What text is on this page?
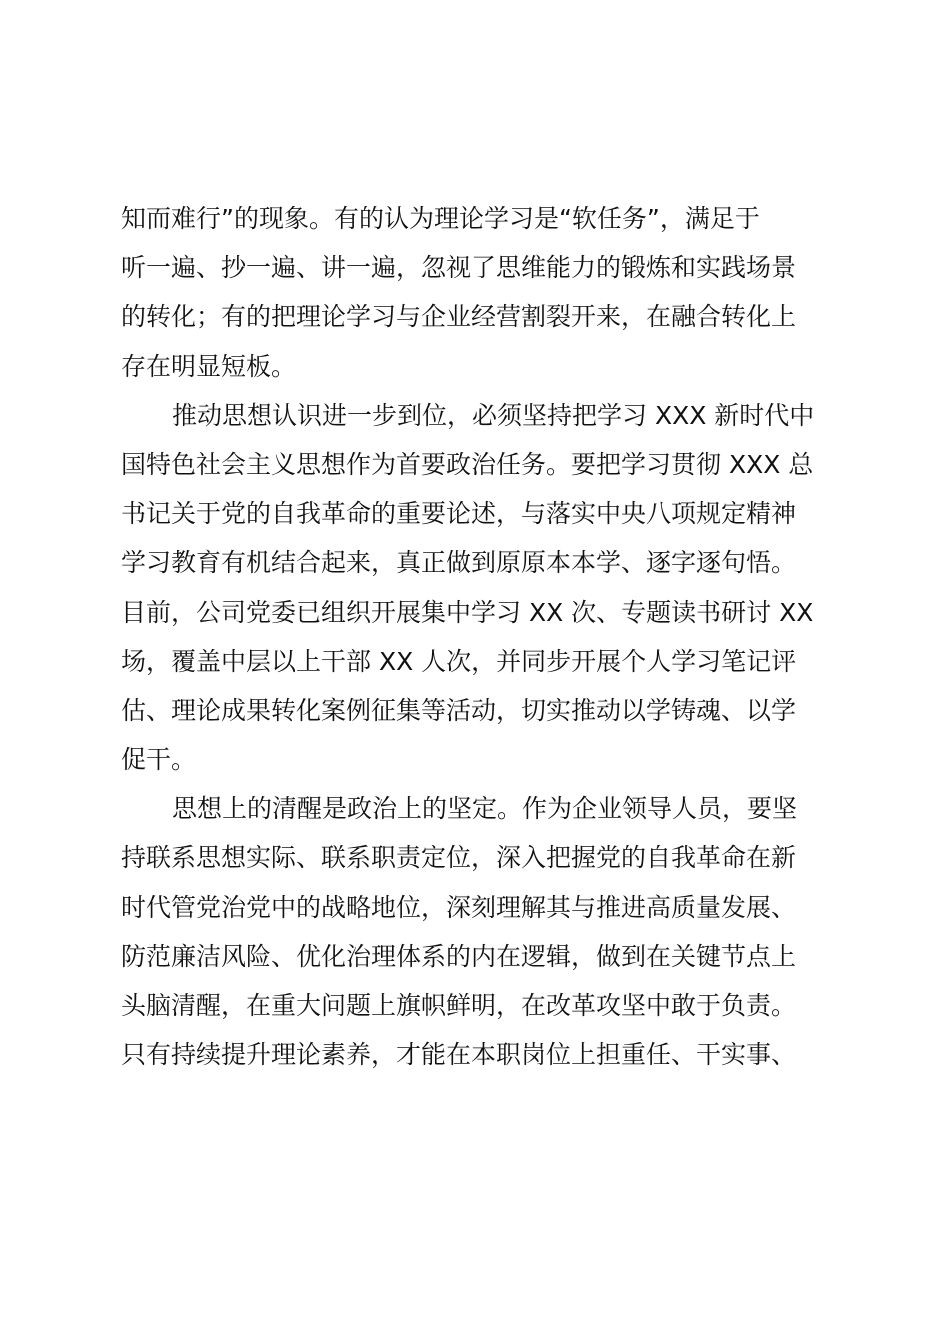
知而难行”的现象。有的认为理论学习是“软任务”，满足于
听一遍、抄一遍、讲一遍，忽视了思维能力的锻炼和实践场景
的转化；有的把理论学习与企业经营割裂开来，在融合转化上
存在明显短板。
推动思想认识进一步到位，必须坚持把学习 XXX 新时代中
国特色社会主义思想作为首要政治任务。要把学习贯彻 XXX 总
书记关于党的自我革命的重要论述，与落实中央八项规定精神
学习教育有机结合起来，真正做到原原本本学、逐字逐句悟。
目前，公司党委已组织开展集中学习 XX 次、专题读书研讨 XX
场，覆盖中层以上干部 XX 人次，并同步开展个人学习笔记评
估、理论成果转化案例征集等活动，切实推动以学铸魂、以学
促干。
思想上的清醒是政治上的坚定。作为企业领导人员，要坚
持联系思想实际、联系职责定位，深入把握党的自我革命在新
时代管党治党中的战略地位，深刻理解其与推进高质量发展、
防范廉洁风险、优化治理体系的内在逻辑，做到在关键节点上
头脑清醒，在重大问题上旗帜鲜明，在改革攻坚中敢于负责。
只有持续提升理论素养，才能在本职岗位上担重任、干实事、
